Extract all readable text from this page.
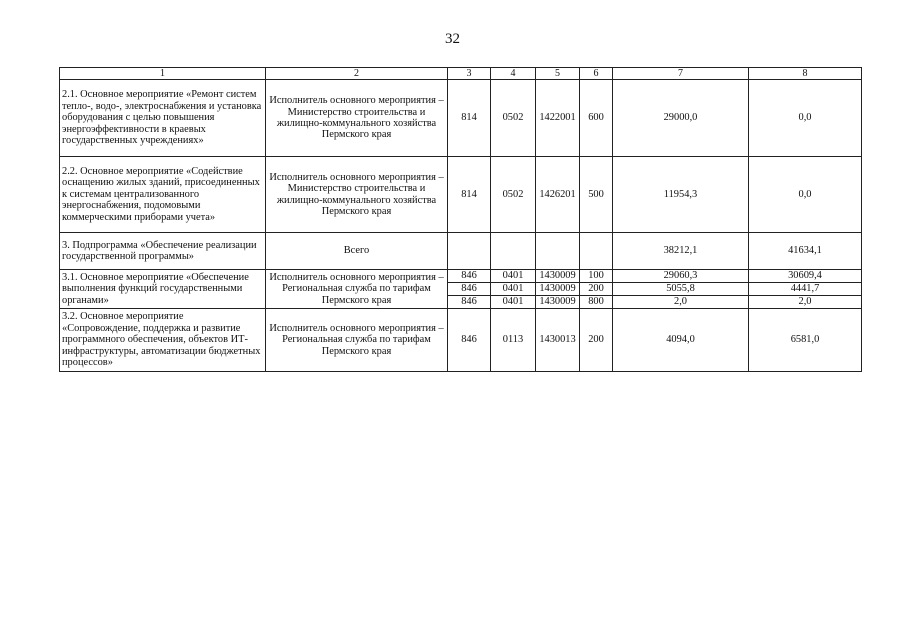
32
1	2	3	4	5	6	7	8
2.1. Основное мероприятие «Ремонт систем тепло-, водо-, электроснабжения и установка оборудования с целью повышения энергоэффективности в краевых государственных учреждениях»	Исполнитель основного мероприятия – Министерство строительства и жилищно-коммунального хозяйства Пермского края	814	0502	1422001	600	29000,0	0,0
2.2. Основное мероприятие «Содействие оснащению жилых зданий, присоединенных к системам централизованного энергоснабжения, подомовыми коммерческими приборами учета»	Исполнитель основного мероприятия – Министерство строительства и жилищно-коммунального хозяйства Пермского края	814	0502	1426201	500	11954,3	0,0
3. Подпрограмма «Обеспечение реализации государственной программы»	Всего					38212,1	41634,1
3.1. Основное мероприятие «Обеспечение выполнения функций государственными органами»	Исполнитель основного мероприятия – Региональная служба по тарифам Пермского края	846	0401	1430009	100	29060,3	30609,4
		846	0401	1430009	200	5055,8	4441,7
		846	0401	1430009	800	2,0	2,0
3.2. Основное мероприятие «Сопровождение, поддержка и развитие программного обеспечения, объектов ИТ-инфраструктуры, автоматизации бюджетных процессов»	Исполнитель основного мероприятия – Региональная служба по тарифам Пермского края	846	0113	1430013	200	4094,0	6581,0
